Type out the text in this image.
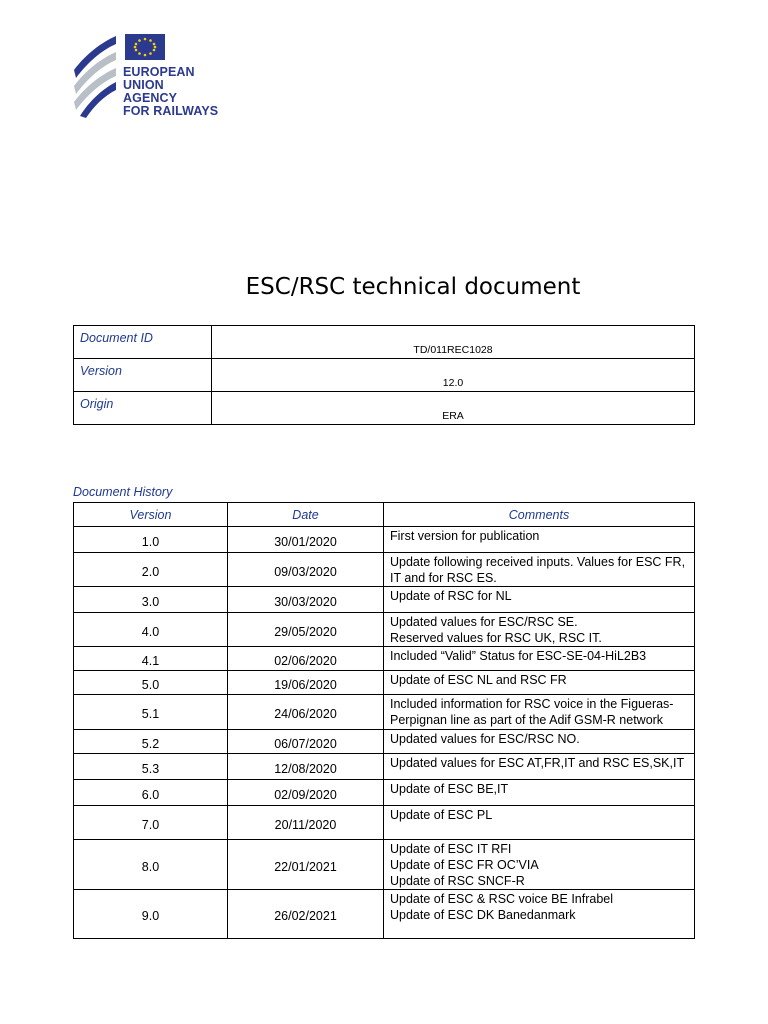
EUROPEAN
UNION
AGENCY
FOR RAILWAYS
ESC/RSC technical document
Document ID	TD/011REC1028
Version	12.0
Origin	ERA
Document History
Version	Date	Comments
1.0	30/01/2020	First version for publication

2.0	09/03/2020	Update following received inputs. Values for ESC FR,
IT and for RSC ES.

3.0	30/03/2020	Update of RSC for NL

4.0	29/05/2020	Updated values for ESC/RSC SE.
Reserved values for RSC UK, RSC IT.

4.1	02/06/2020	Included “Valid” Status for ESC-SE-04-HiL2B3

5.0	19/06/2020	Update of ESC NL and RSC FR

5.1	24/06/2020	Included information for RSC voice in the Figueras-
Perpignan line as part of the Adif GSM-R network

5.2	06/07/2020	Updated values for ESC/RSC NO.

5.3	12/08/2020	Updated values for ESC AT,FR,IT and RSC ES,SK,IT

6.0	02/09/2020	Update of ESC BE,IT

7.0	20/11/2020	Update of ESC PL

8.0	22/01/2021	Update of ESC IT RFI
Update of ESC FR OC’VIA
Update of RSC SNCF-R

9.0	26/02/2021	Update of ESC & RSC voice BE Infrabel
Update of ESC DK Banedanmark
